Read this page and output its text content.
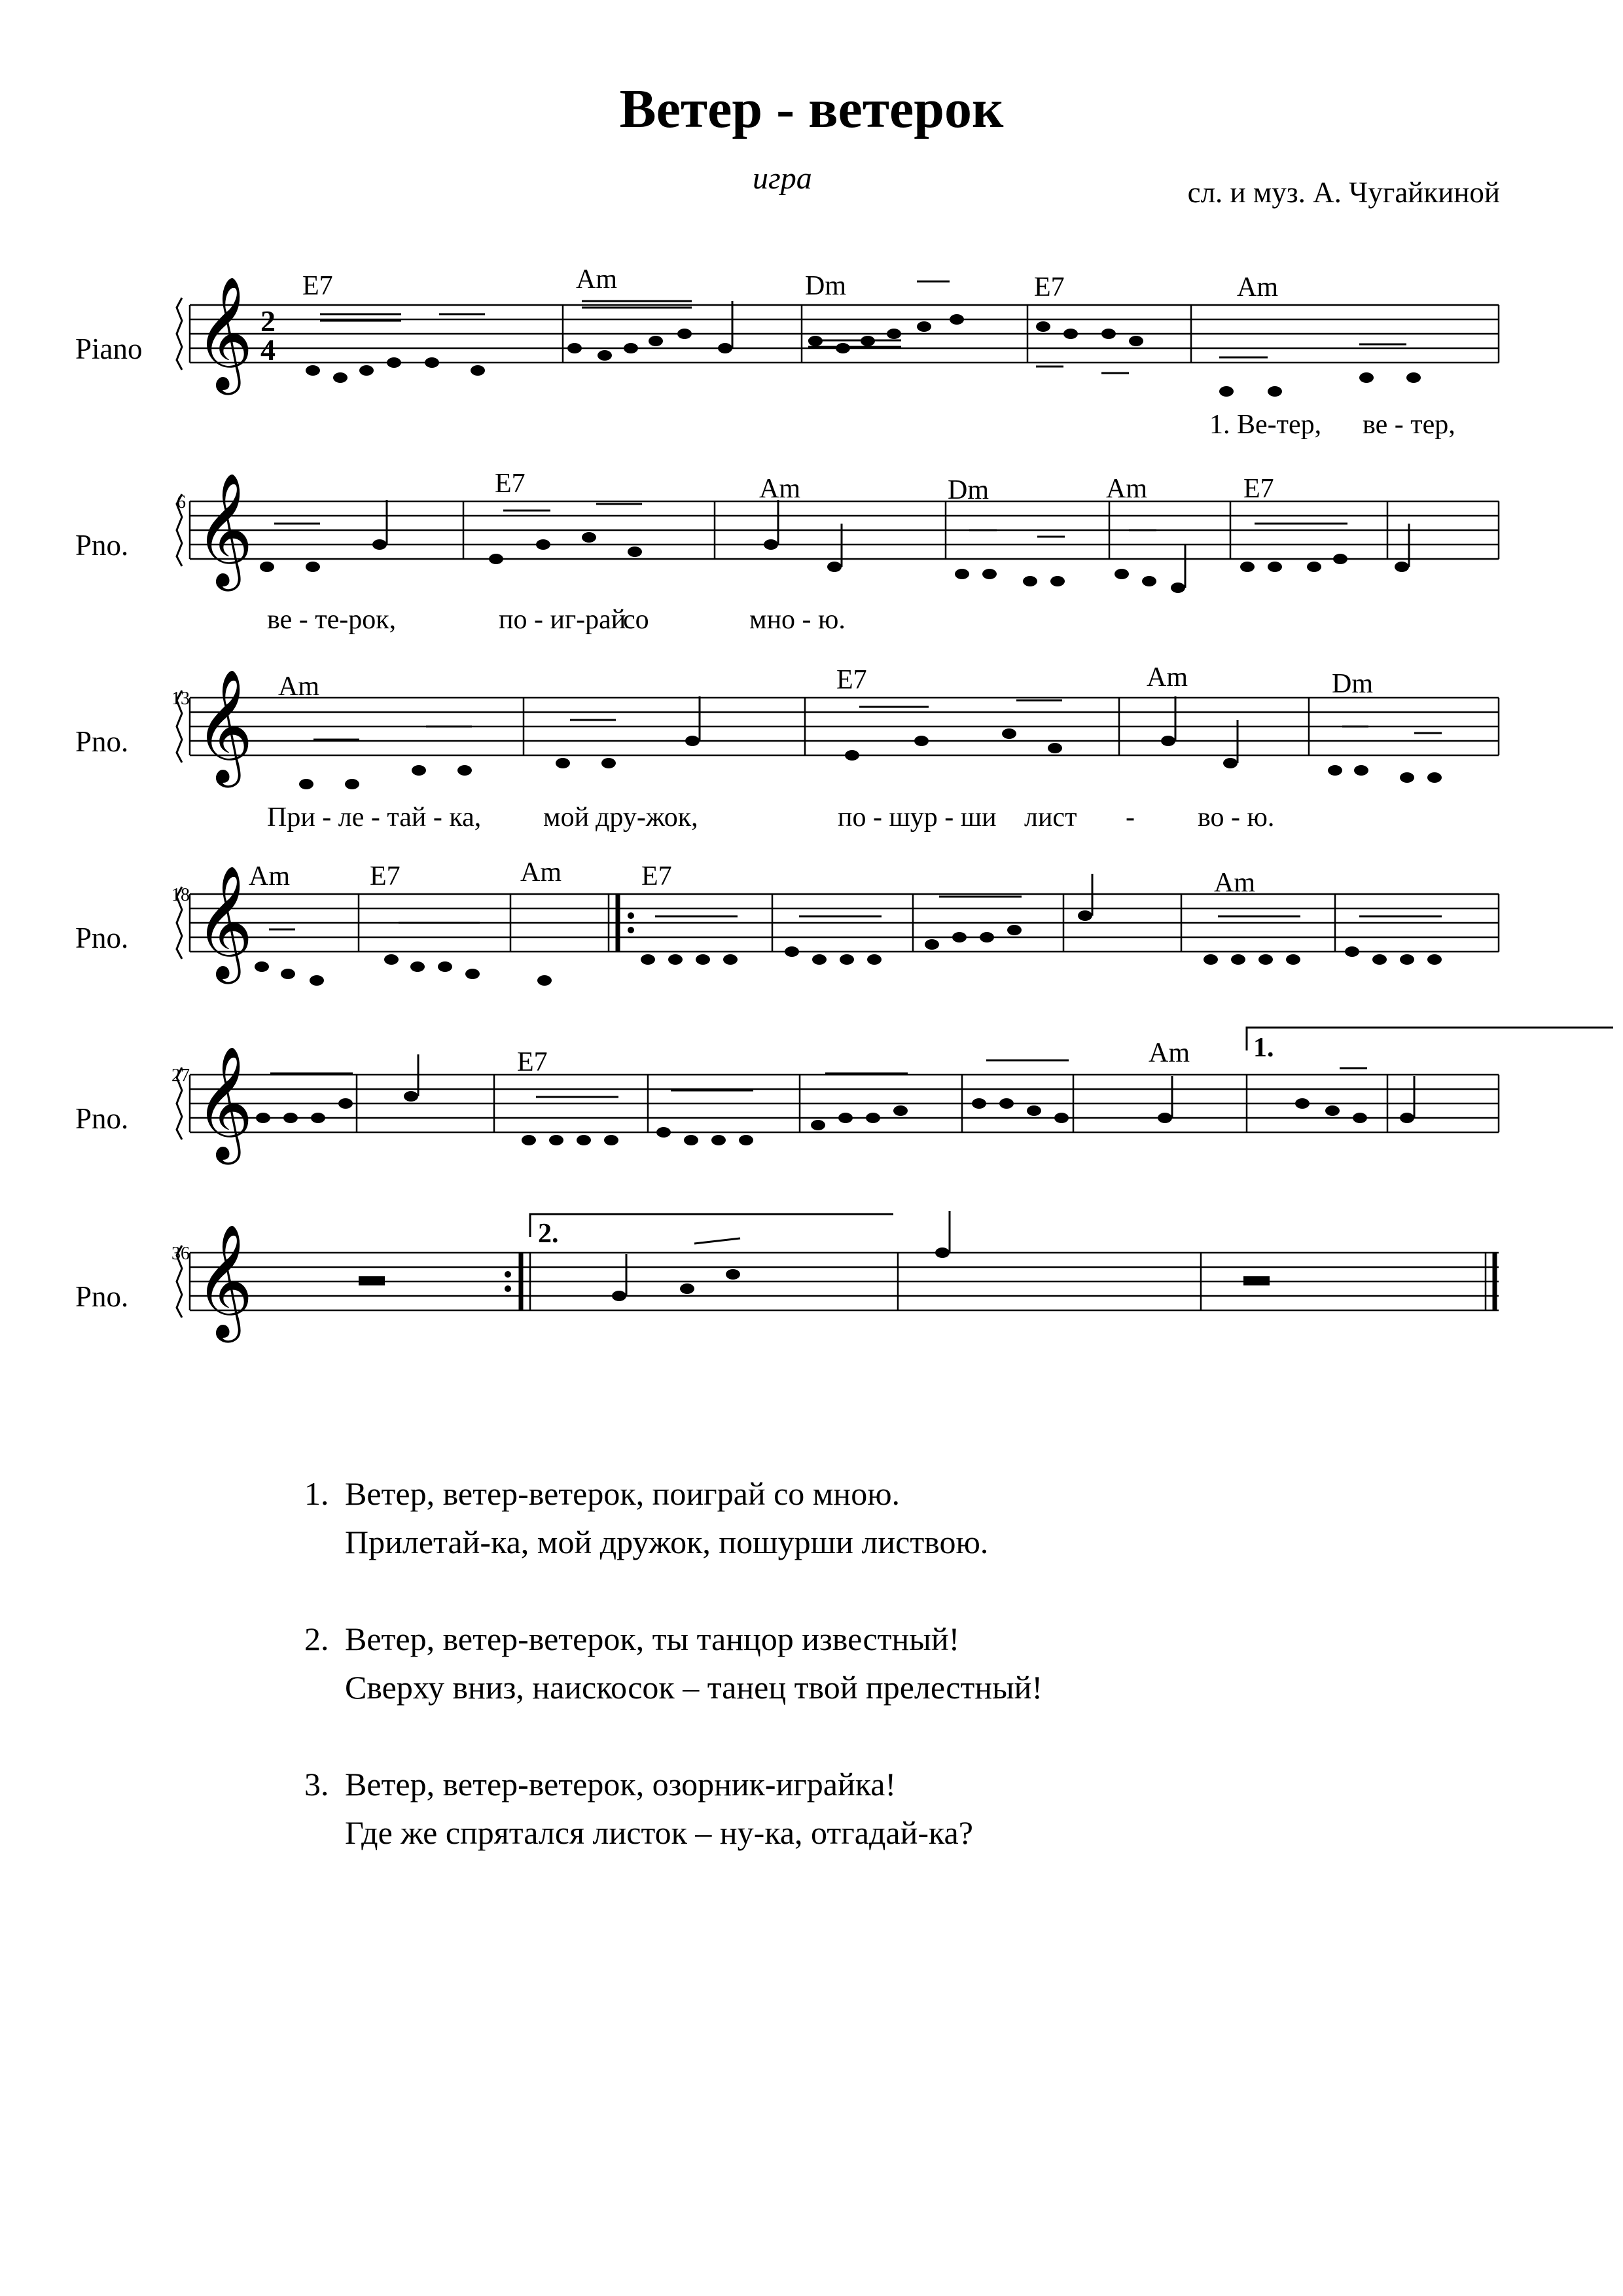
Ветер - ветерок
игра	сл. и муз. А. Чугайкиной
Piano 𝄞 2
4
E7	Am	Dm	E7	Am
1. Ве-тер, ве - тер,
6
Pno. 𝄞	E7	Am	Dm	Am	E7
ве - те-рок,	по - иг-рай
со	мно - ю.
13
Pno. 𝄞 Am	E7	Am	Dm
При - ле - тай - ка, мой дру-жок,	по - шур - ши лист - во - ю.
18
Pno. 𝄞
Am	E7	Am	E7	Am
27
Pno. 𝄞	E7	Am 1.
36
Pno. 𝄞	2.
1. Ветер, ветер-ветерок, поиграй со мною.
Прилетай-ка, мой дружок, пошурши листвою.
2. Ветер, ветер-ветерок, ты танцор известный!
Сверху вниз, наискосок – танец твой прелестный!
3. Ветер, ветер-ветерок, озорник-играйка!
Где же спрятался листок – ну-ка, отгадай-ка?
